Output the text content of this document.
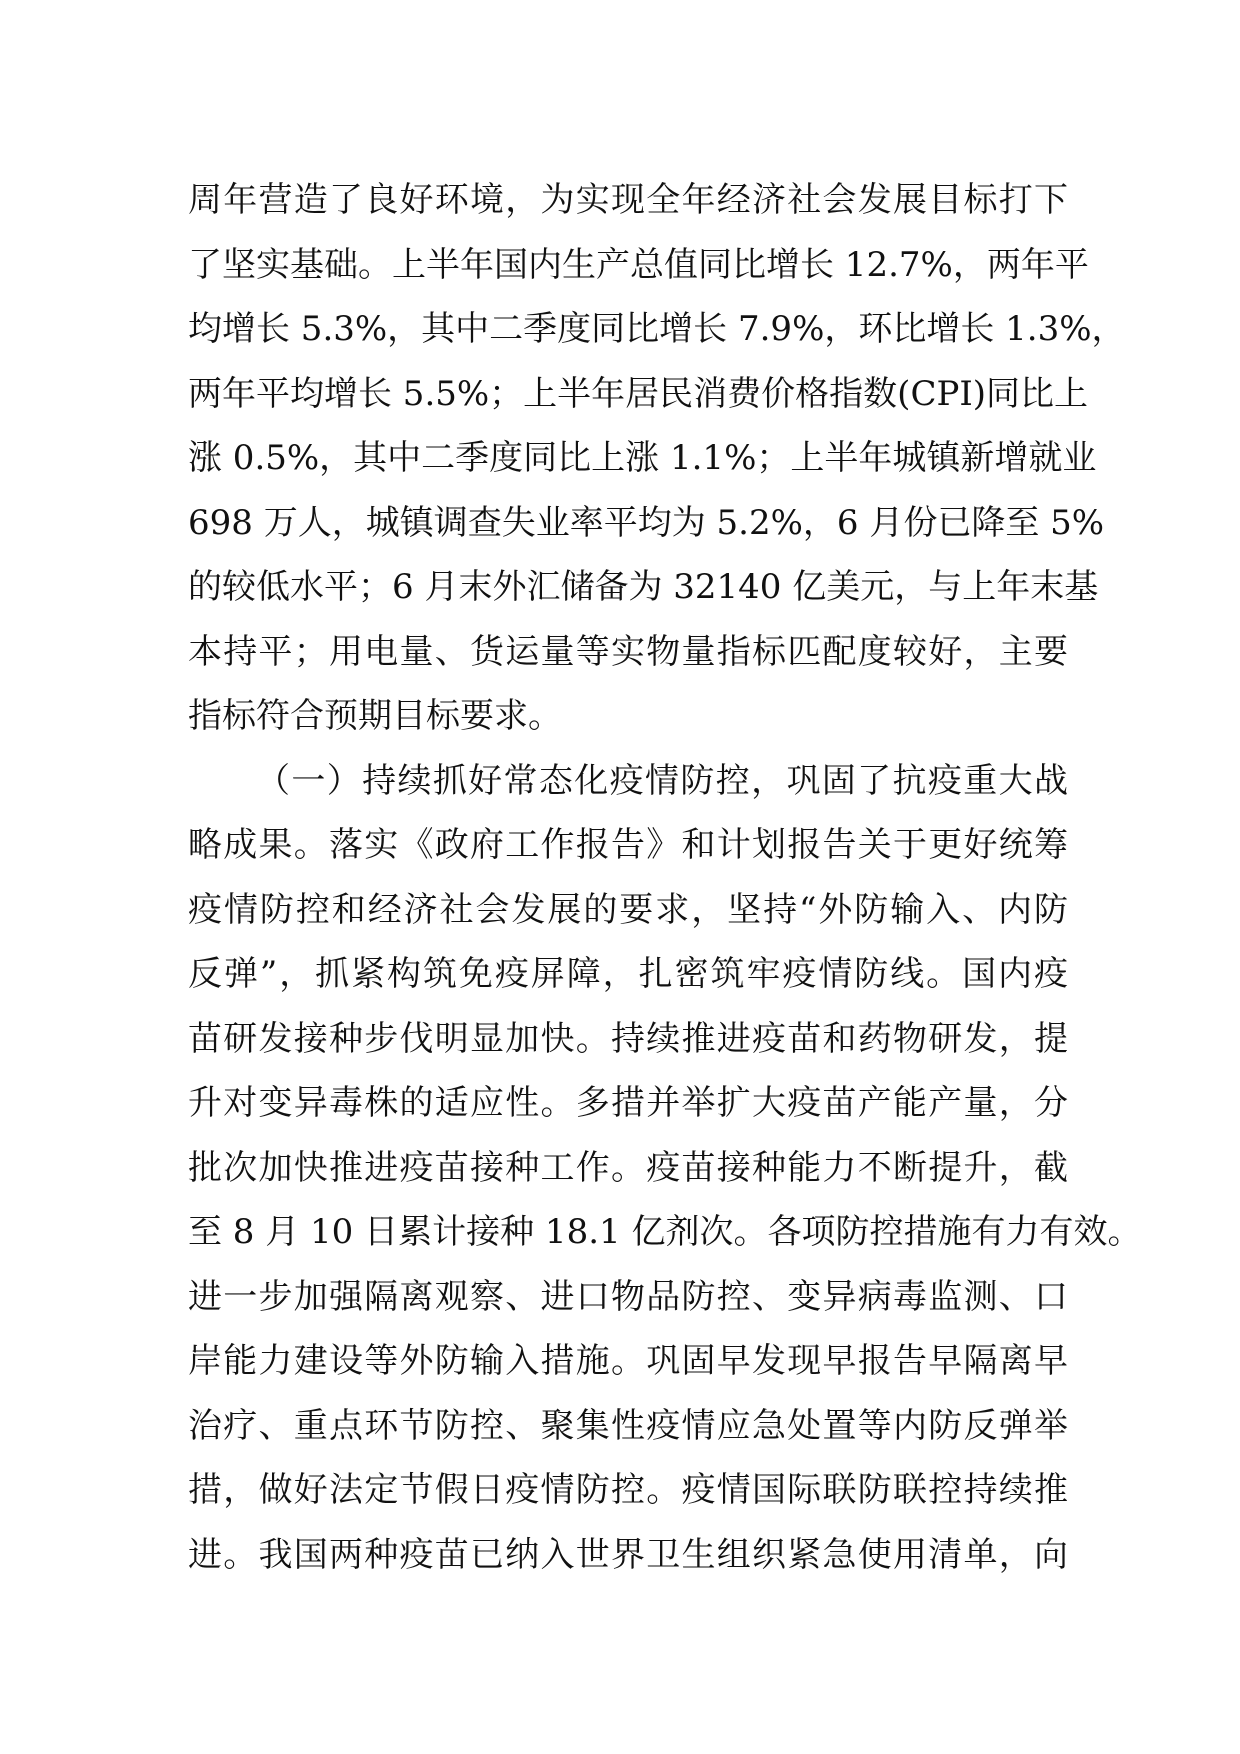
周年营造了良好环境，为实现全年经济社会发展目标打下
了坚实基础。上半年国内生产总值同比增长 12.7%，两年平
均增长 5.3%，其中二季度同比增长 7.9%，环比增长 1.3%，
两年平均增长 5.5%；上半年居民消费价格指数(CPI)同比上
涨 0.5%，其中二季度同比上涨 1.1%；上半年城镇新增就业
698 万人，城镇调查失业率平均为 5.2%，6 月份已降至 5%
的较低水平；6 月末外汇储备为 32140 亿美元，与上年末基
本持平；用电量、货运量等实物量指标匹配度较好，主要
指标符合预期目标要求。
（一）持续抓好常态化疫情防控，巩固了抗疫重大战
略成果。落实《政府工作报告》和计划报告关于更好统筹
疫情防控和经济社会发展的要求，坚持“外防输入、内防
反弹”，抓紧构筑免疫屏障，扎密筑牢疫情防线。国内疫
苗研发接种步伐明显加快。持续推进疫苗和药物研发，提
升对变异毒株的适应性。多措并举扩大疫苗产能产量，分
批次加快推进疫苗接种工作。疫苗接种能力不断提升，截
至 8 月 10 日累计接种 18.1 亿剂次。各项防控措施有力有效。
进一步加强隔离观察、进口物品防控、变异病毒监测、口
岸能力建设等外防输入措施。巩固早发现早报告早隔离早
治疗、重点环节防控、聚集性疫情应急处置等内防反弹举
措，做好法定节假日疫情防控。疫情国际联防联控持续推
进。我国两种疫苗已纳入世界卫生组织紧急使用清单，向
